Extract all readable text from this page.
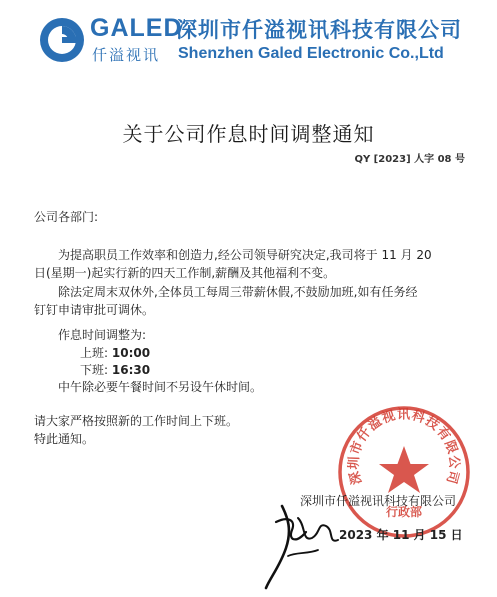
GALED
仟溢视讯
深圳市仟溢视讯科技有限公司
Shenzhen Galed Electronic Co.,Ltd
关于公司作息时间调整通知
QY [2023] 人字 08 号
公司各部门:
为提高职员工作效率和创造力,经公司领导研究决定,我司将于 11 月 20
日(星期一)起实行新的四天工作制,薪酬及其他福利不变。
除法定周末双休外,全体员工每周三带薪休假,不鼓励加班,如有任务经
钉钉申请审批可调休。
作息时间调整为:
上班: 10:00
下班: 16:30
中午除必要午餐时间不另设午休时间。
请大家严格按照新的工作时间上下班。
特此通知。
深圳市仟溢视讯科技有限公司
行政部
深圳市仟溢视讯科技有限公司
2023 年 11 月 15 日
